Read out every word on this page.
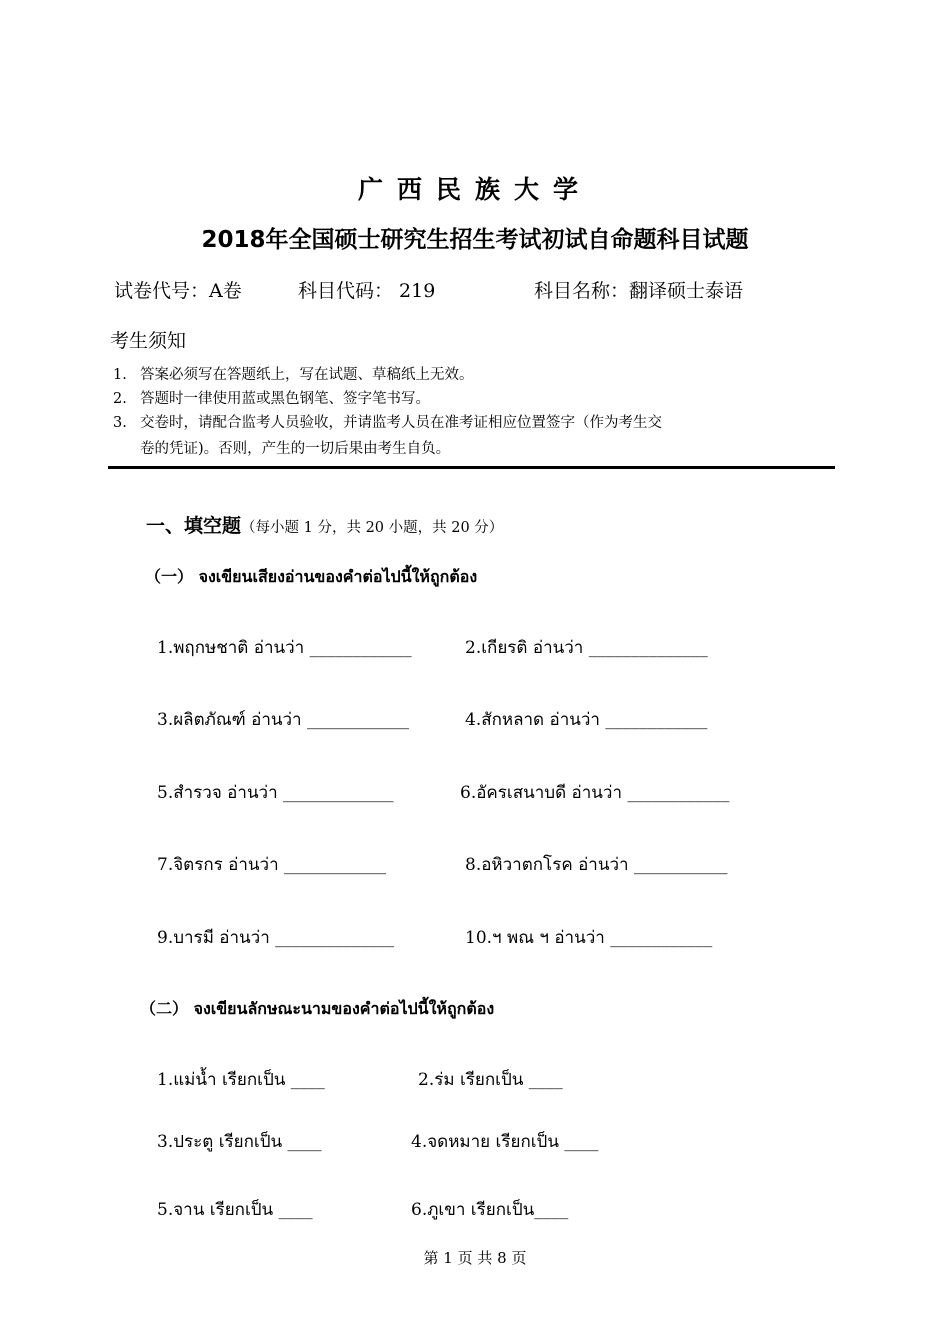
广西民族大学
2018年全国硕士研究生招生考试初试自命题科目试题
试卷代号：A卷	科目代码： 219	科目名称：翻译硕士泰语
考生须知
1. 答案必须写在答题纸上，写在试题、草稿纸上无效。
2. 答题时一律使用蓝或黑色钢笔、签字笔书写。
3. 交卷时，请配合监考人员验收，并请监考人员在准考证相应位置签字（作为考生交
卷的凭证)。否则，产生的一切后果由考生自负。
一、填空题（每小题 1 分，共 20 小题，共 20 分）
（一） จงเขียนเสียงอ่านของคำต่อไปนี้ให้ถูกต้อง
1.พฤกษชาติ อ่านว่า ____________	2.เกียรติ อ่านว่า ______________
3.ผลิตภัณฑ์ อ่านว่า ____________	4.สักหลาด อ่านว่า ____________
5.สำรวจ อ่านว่า _____________	6.อัครเสนาบดี อ่านว่า ____________
7.จิตรกร อ่านว่า ____________	8.อหิวาตกโรค อ่านว่า ___________
9.บารมี อ่านว่า ______________	10.ฯ พณ ฯ อ่านว่า ____________
（二） จงเขียนลักษณะนามของคำต่อไปนี้ให้ถูกต้อง
1.แม่น้ำ เรียกเป็น ____	2.ร่ม เรียกเป็น ____
3.ประตู เรียกเป็น ____	4.จดหมาย เรียกเป็น ____
5.จาน เรียกเป็น ____	6.ภูเขา เรียกเป็น____
第 1 页 共 8 页
